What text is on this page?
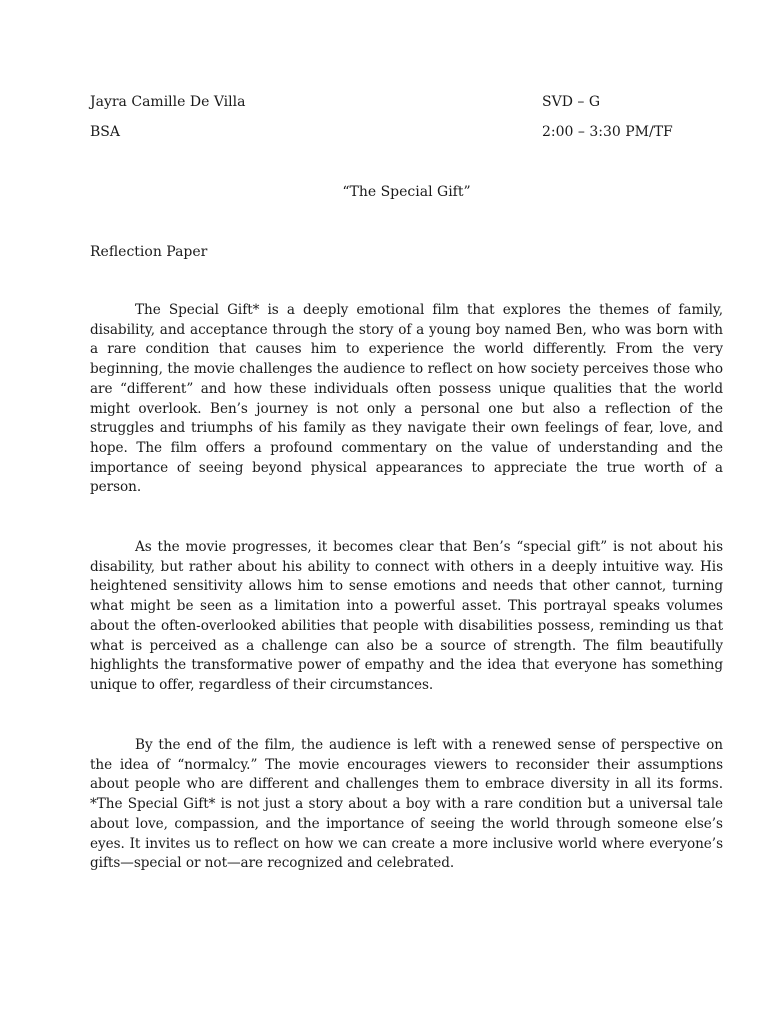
Jayra Camille De Villa	SVD – G
BSA	2:00 – 3:30 PM/TF
“The Special Gift”
Reflection Paper

The Special Gift* is a deeply emotional film that explores the themes of family, disability, and acceptance through the story of a young boy named Ben, who was born with a rare condition that causes him to experience the world differently. From the very beginning, the movie challenges the audience to reflect on how society perceives those who are “different” and how these individuals often possess unique qualities that the world might overlook. Ben’s journey is not only a personal one but also a reflection of the struggles and triumphs of his family as they navigate their own feelings of fear, love, and hope. The film offers a profound commentary on the value of understanding and the importance of seeing beyond physical appearances to appreciate the true worth of a person.

As the movie progresses, it becomes clear that Ben’s “special gift” is not about his disability, but rather about his ability to connect with others in a deeply intuitive way. His heightened sensitivity allows him to sense emotions and needs that other cannot, turning what might be seen as a limitation into a powerful asset. This portrayal speaks volumes about the often-overlooked abilities that people with disabilities possess, reminding us that what is perceived as a challenge can also be a source of strength. The film beautifully highlights the transformative power of empathy and the idea that everyone has something unique to offer, regardless of their circumstances.

By the end of the film, the audience is left with a renewed sense of perspective on the idea of “normalcy.” The movie encourages viewers to reconsider their assumptions about people who are different and challenges them to embrace diversity in all its forms. *The Special Gift* is not just a story about a boy with a rare condition but a universal tale about love, compassion, and the importance of seeing the world through someone else’s eyes. It invites us to reflect on how we can create a more inclusive world where everyone’s gifts—special or not—are recognized and celebrated.
